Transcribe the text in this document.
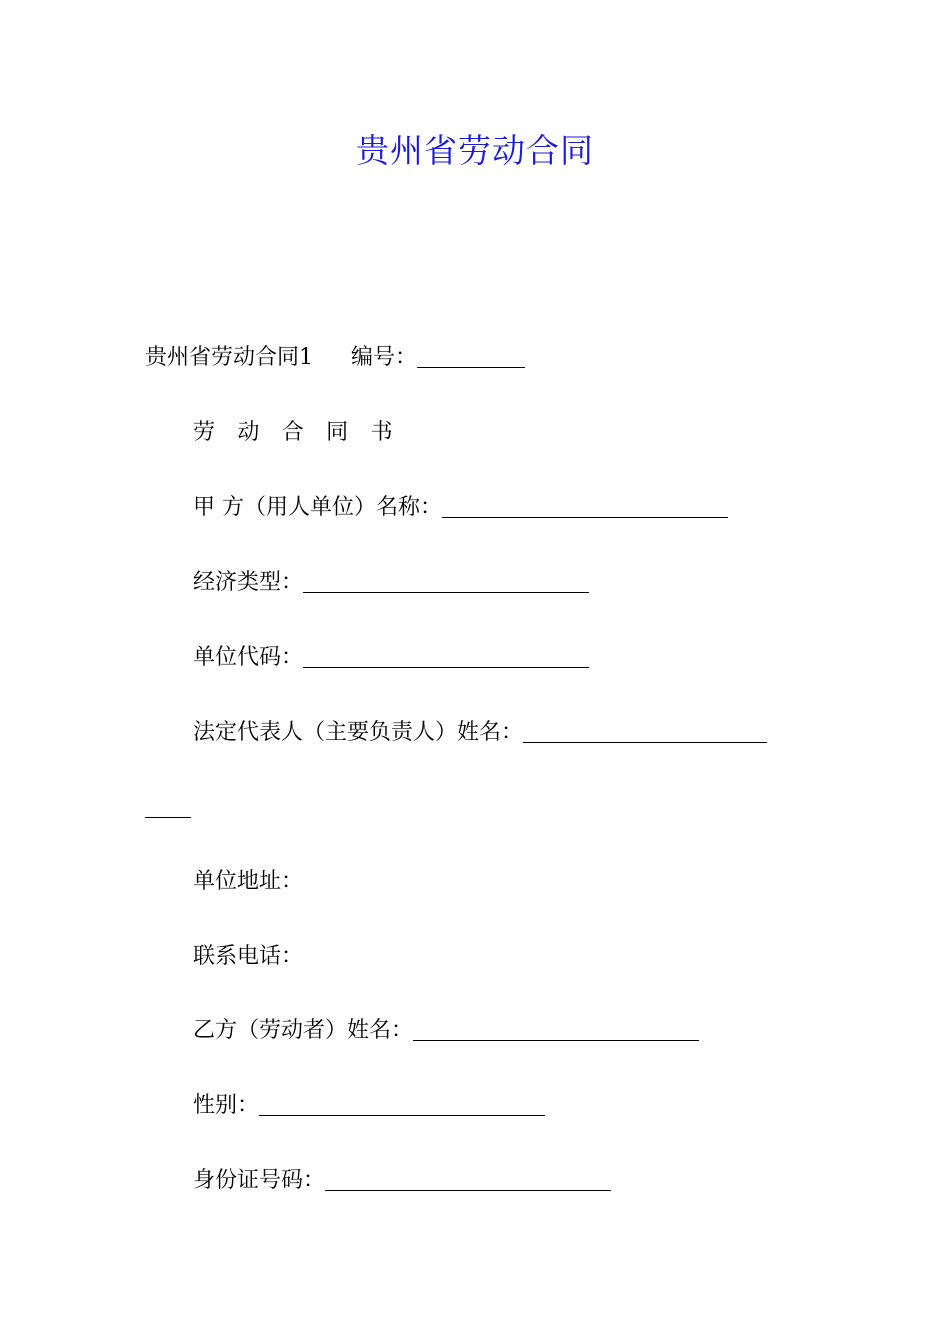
贵州省劳动合同
贵州省劳动合同1 编号：
劳 动 合 同 书
甲 方（用人单位）名称：
经济类型：
单位代码：
法定代表人（主要负责人）姓名：
单位地址：
联系电话：
乙方（劳动者）姓名：
性别：
身份证号码：
